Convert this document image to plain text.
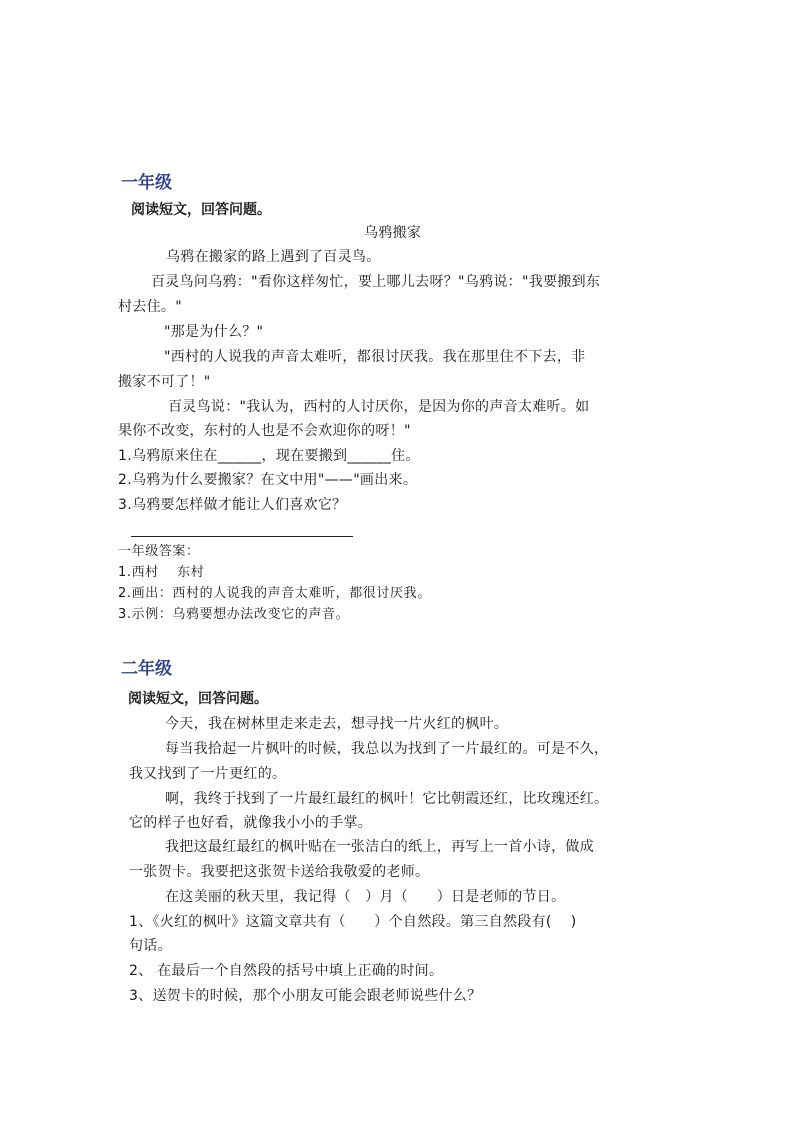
一年级
阅读短文，回答问题。
乌鸦搬家
乌鸦在搬家的路上遇到了百灵鸟。
百灵鸟问乌鸦："看你这样匆忙，要上哪儿去呀？"乌鸦说："我要搬到东
村去住。"
"那是为什么？"
"西村的人说我的声音太难听，都很讨厌我。我在那里住不下去，非
搬家不可了！"
百灵鸟说："我认为，西村的人讨厌你，是因为你的声音太难听。如
果你不改变，东村的人也是不会欢迎你的呀！"
1.乌鸦原来住在______，现在要搬到______住。
2.乌鸦为什么要搬家？在文中用"——"画出来。
3.乌鸦要怎样做才能让人们喜欢它？
一年级答案：
1.西村　 东村
2.画出：西村的人说我的声音太难听，都很讨厌我。
3.示例：乌鸦要想办法改变它的声音。
二年级
阅读短文，回答问题。
今天，我在树林里走来走去，想寻找一片火红的枫叶。
每当我拾起一片枫叶的时候，我总以为找到了一片最红的。可是不久，
我又找到了一片更红的。
啊，我终于找到了一片最红最红的枫叶！它比朝霞还红，比玫瑰还红。
它的样子也好看，就像我小小的手掌。
我把这最红最红的枫叶贴在一张洁白的纸上，再写上一首小诗，做成
一张贺卡。我要把这张贺卡送给我敬爱的老师。
在这美丽的秋天里，我记得（　）月（　　）日是老师的节日。
1、《火红的枫叶》这篇文章共有（　　）个自然段。第三自然段有(　 )
句话。
2、 在最后一个自然段的括号中填上正确的时间。
3、送贺卡的时候，那个小朋友可能会跟老师说些什么？
